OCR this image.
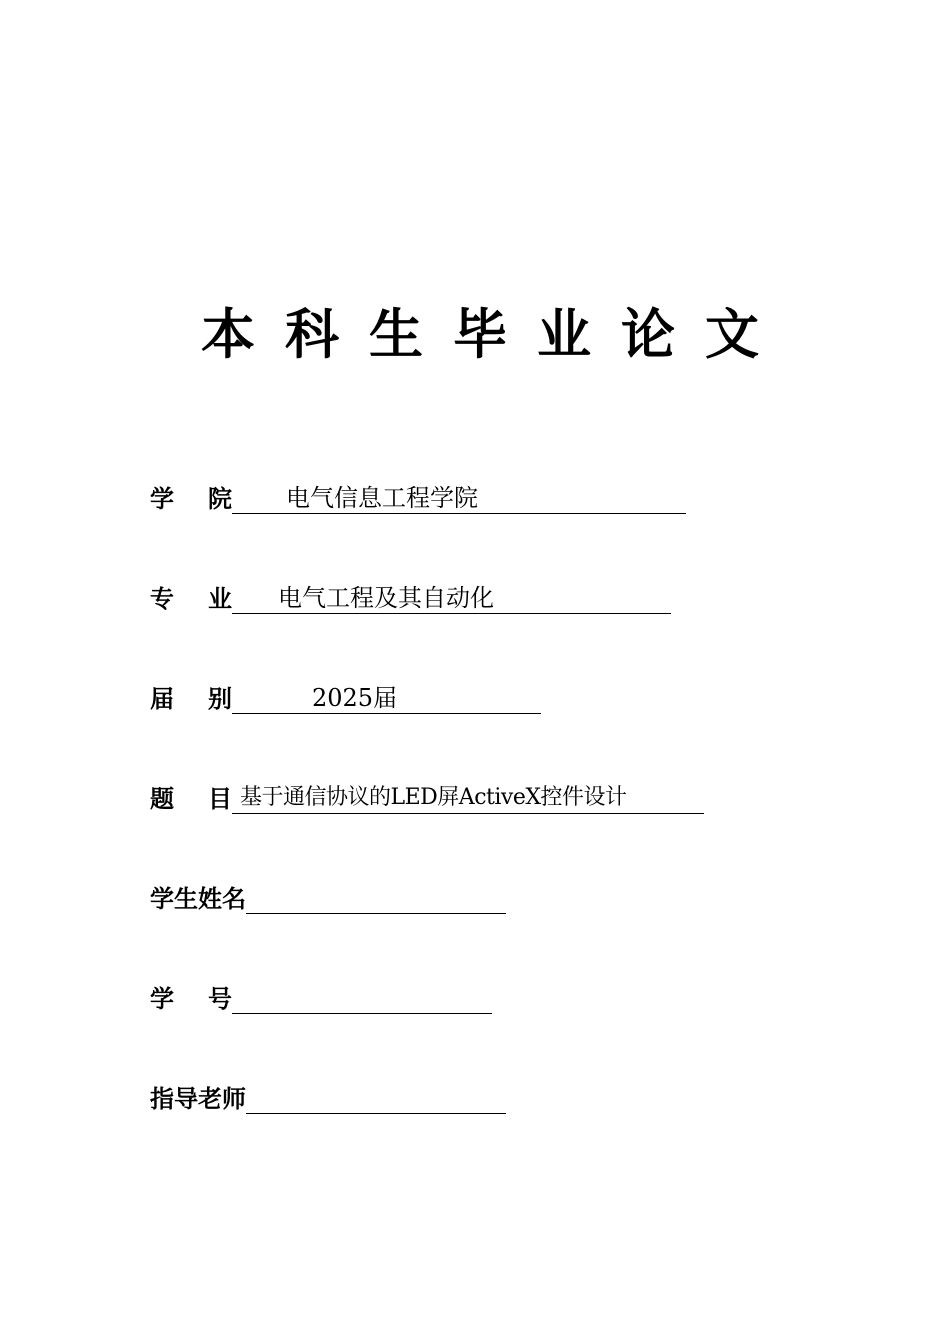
本科生毕业论文
学院 电气信息工程学院
专业 电气工程及其自动化
届别	2025届
题目
基于通信协议的LED屏ActiveX控件设计
学生姓名
学号
指导老师
